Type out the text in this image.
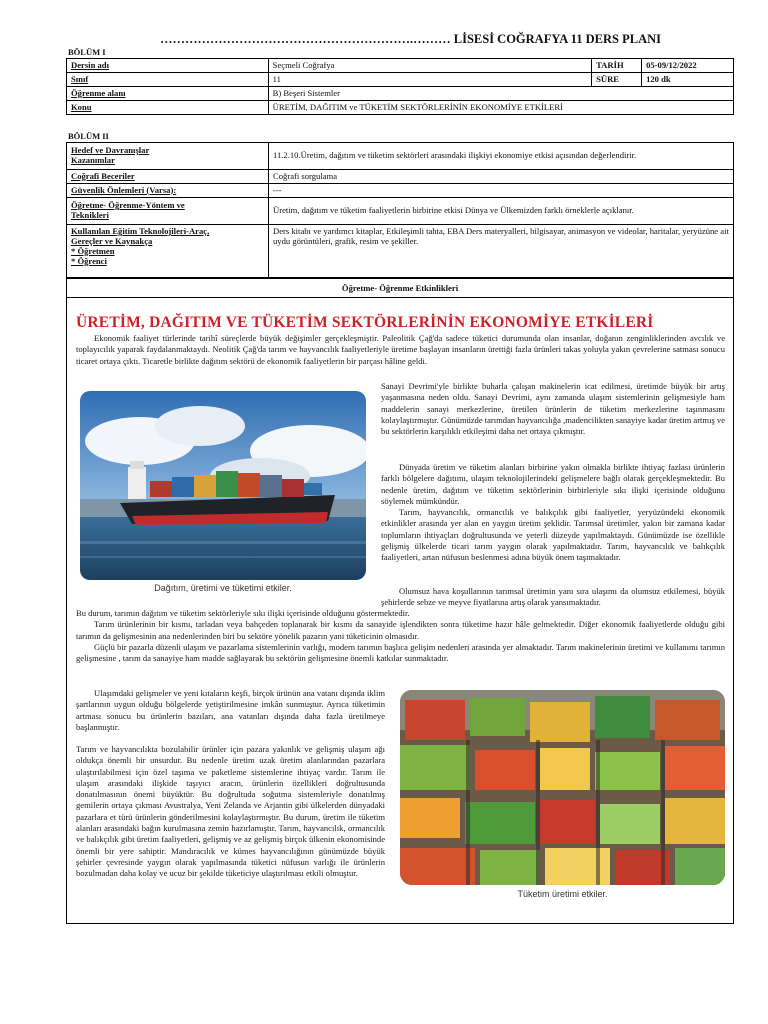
…………………………………………………….……… LİSESİ COĞRAFYA 11 DERS PLANI
BÖLÜM I
Dersin adı	Seçmeli Coğrafya	TARİH	05-09/12/2022
Sınıf	11	SÜRE	120 dk
Öğrenme alanı	B) Beşeri Sistemler		
Konu	ÜRETİM, DAĞITIM ve TÜKETİM SEKTÖRLERİNİN EKONOMİYE ETKİLERİ		
BÖLÜM II
Hedef ve Davranışlar
Kazanımlar	11.2.10.Üretim, dağıtım ve tüketim sektörleri arasındaki ilişkiyi ekonomiye etkisi açısından değerlendirir.
Coğrafi Beceriler	Coğrafi sorgulama
Güvenlik Önlemleri (Varsa):	---
Öğretme- Öğrenme-Yöntem ve
Teknikleri	Üretim, dağıtım ve tüketim faaliyetlerin birbirine etkisi Dünya ve Ülkemizden farklı örneklerle açıklanır.
Kullanılan Eğitim Teknolojileri-Araç,
Gereçler ve Kaynakça
* Öğretmen
* Öğrenci	Ders kitabı ve yardımcı kitaplar, Etkileşimli tahta, EBA Ders materyalleri, bilgisayar, animasyon ve videolar, haritalar, yeryüzüne ait uydu görüntüleri, grafik, resim ve şekiller.
Öğretme- Öğrenme Etkinlikleri
ÜRETİM, DAĞITIM VE TÜKETİM SEKTÖRLERİNİN EKONOMİYE ETKİLERİ

Ekonomik faaliyet türlerinde tarihî süreçlerde büyük değişimler gerçekleşmiştir. Paleolitik Çağ'da sadece tüketici durumunda olan insanlar, doğanın zenginliklerinden avcılık ve toplayıcılık yaparak faydalanmaktaydı. Neolitik Çağ'da tarım ve hayvancılık faaliyetleriyle üretime başlayan insanların ürettiği fazla ürünleri takas yoluyla yakın çevrelerine satması sonucu ticaret ortaya çıktı. Ticaretle birlikte dağıtım sektörü de ekonomik faaliyetlerin bir parçası hâline geldi.

Dağıtım, üretimi ve tüketimi etkiler.

Sanayi Devrimi'yle birlikte buharla çalışan makinelerin icat edilmesi, üretimde büyük bir artış yaşanmasına neden oldu. Sanayi Devrimi, aynı zamanda ulaşım sistemlerinin gelişmesiyle ham maddelerin sanayi merkezlerine, üretilen ürünlerin de tüketim merkezlerine taşınmasını kolaylaştırmıştır. Günümüzde tarımdan hayvancılığa ,madencilikten sanayiye kadar üretim artmış ve bu sektörlerin karşılıklı etkileşimi daha net ortaya çıkmıştır.

Dünyada üretim ve tüketim alanları birbirine yakın olmakla birlikte ihtiyaç fazlası ürünlerin farklı bölgelere dağıtımı, ulaşım teknolojilerindeki gelişmelere bağlı olarak gerçekleşmektedir. Bu nedenle üretim, dağıtım ve tüketim sektörlerinin birbirleriyle sıkı ilişki içerisinde olduğunu söylemek mümkündür.

Tarım, hayvancılık, ormancılık ve balıkçılık gibi faaliyetler, yeryüzündeki ekonomik etkinlikler arasında yer alan en yaygın üretim şeklidir. Tarımsal üretimler, yakın bir zamana kadar toplumların ihtiyaçları doğrultusunda ve yeterli düzeyde yapılmaktaydı. Günümüzde ise özellikle gelişmiş ülkelerde ticari tarım yaygın olarak yapılmaktadır. Tarım, hayvancılık ve balıkçılık faaliyetleri, artan nüfusun beslenmesi adına büyük önem taşımaktadır.

Olumsuz hava koşullarının tarımsal üretimin yanı sıra ulaşımı da olumsuz etkilemesi, büyük şehirlerde sebze ve meyve fiyatlarına artış olarak yansımaktadır.

Bu durum, tarımın dağıtım ve tüketim sektörleriyle sıkı ilişki içerisinde olduğunu göstermektedir.

Tarım ürünlerinin bir kısmı, tarladan veya bahçeden toplanarak bir kısmı da sanayide işlendikten sonra tüketime hazır hâle gelmektedir. Diğer ekonomik faaliyetlerde olduğu gibi tarımın da gelişmesinin ana nedenlerinden biri bu sektöre yönelik pazarın yani tüketicinin olmasıdır.

Güçlü bir pazarla düzenli ulaşım ve pazarlama sistemlerinin varlığı, modern tarımın başlıca gelişim nedenleri arasında yer almaktadır. Tarım makinelerinin üretimi ve kullanımı tarımın gelişmesine , tarım da sanayiye ham madde sağlayarak bu sektörün gelişmesine önemli katkılar sunmaktadır.

Ulaşımdaki gelişmeler ve yeni kıtaların keşfi, birçok ürünün ana vatanı dışında iklim şartlarının uygun olduğu bölgelerde yetiştirilmesine imkân sunmuştur. Ayrıca tüketimin artması sonucu bu ürünlerin bazıları, ana vatanları dışında daha fazla üretilmeye başlanmıştır.

Tarım ve hayvancılıkta bozulabilir ürünler için pazara yakınlık ve gelişmiş ulaşım ağı oldukça önemli bir unsurdur. Bu nedenle üretim uzak üretim alanlarından pazarlara ulaştırılabilmesi için özel taşıma ve paketleme sistemlerine ihtiyaç vardır. Tarım ile ulaşım arasındaki ilişkide taşıyıcı aracın, ürünlerin özellikleri doğrultusunda donatılmasının önemi büyüktür. Bu doğrultuda soğutma sistemleriyle donatılmış gemilerin ortaya çıkması Avustralya, Yeni Zelanda ve Arjantin gibi ülkelerden dünyadaki pazarlara et türü ürünlerin gönderilmesini kolaylaştırmıştır. Bu durum, üretim ile tüketim alanları arasındaki bağın kurulmasına zemin hazırlamıştır. Tarım, hayvancılık, ormancılık ve balıkçılık gibi üretim faaliyetleri, gelişmiş ve az gelişmiş birçok ülkenin ekonomisinde önemli bir yere sahiptir. Mandıracılık ve kümes hayvancılığının günümüzde büyük şehirler çevresinde yaygın olarak yapılmasında tüketici nüfusun varlığı ile ürünlerin bozulmadan daha kolay ve ucuz bir şekilde tüketiciye ulaştırılması etkili olmuştur.

Tüketim üretimi etkiler.
